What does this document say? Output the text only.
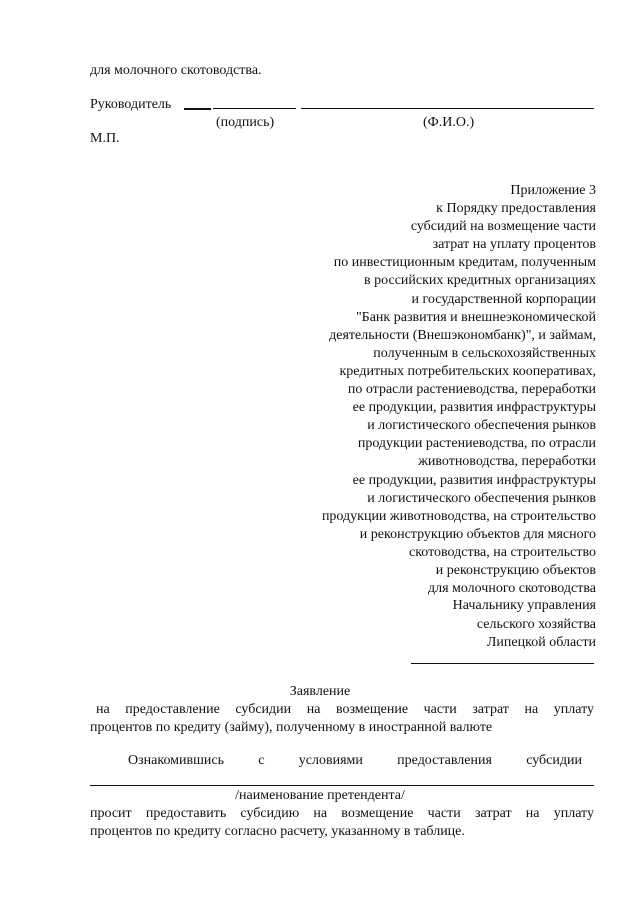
для молочного скотоводства.
Руководитель
(подпись)	(Ф.И.О.)
М.П.
Приложение 3
к Порядку предоставления
субсидий на возмещение части
затрат на уплату процентов
по инвестиционным кредитам, полученным
в российских кредитных организациях
и государственной корпорации
"Банк развития и внешнеэкономической
деятельности (Внешэкономбанк)", и займам,
полученным в сельскохозяйственных
кредитных потребительских кооперативах,
по отрасли растениеводства, переработки
ее продукции, развития инфраструктуры
и логистического обеспечения рынков
продукции растениеводства, по отрасли
животноводства, переработки
ее продукции, развития инфраструктуры
и логистического обеспечения рынков
продукции животноводства, на строительство
и реконструкцию объектов для мясного
скотоводства, на строительство
и реконструкцию объектов
для молочного скотоводства
Начальнику управления
сельского хозяйства
Липецкой области
Заявление
на предоставление субсидии на возмещение части затрат на уплату
процентов по кредиту (займу), полученному в иностранной валюте
Ознакомившись с условиями предоставления субсидии
/наименование претендента/
просит предоставить субсидию на возмещение части затрат на уплату
процентов по кредиту согласно расчету, указанному в таблице.
